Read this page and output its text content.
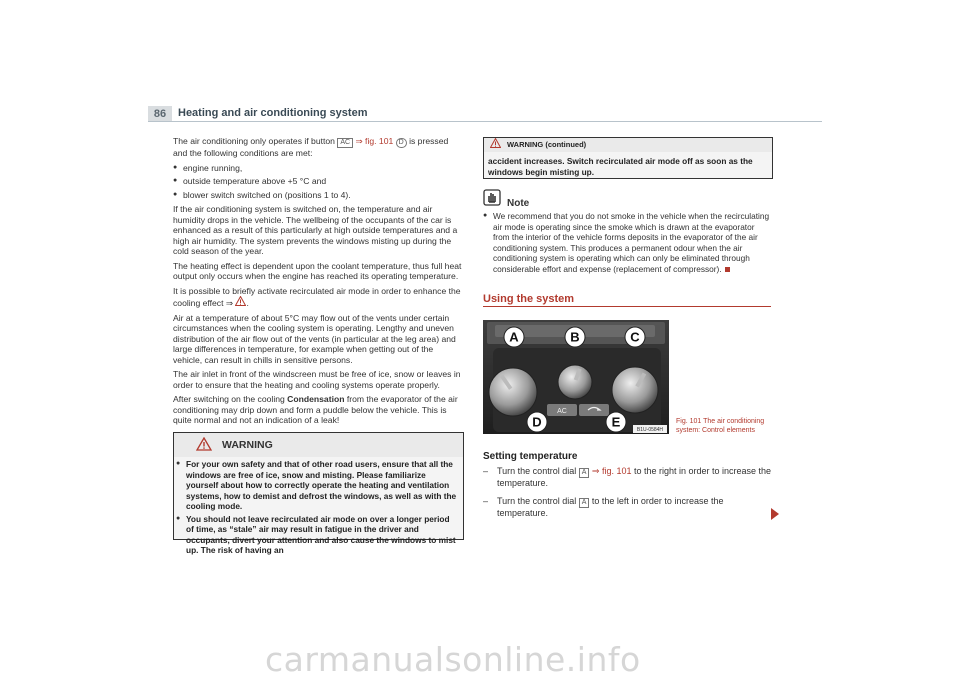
86	Heating and air conditioning system

The air conditioning only operates if button AC ⇒ fig. 101 D is pressed and the following conditions are met:

● engine running,
● outside temperature above +5 °C and
● blower switch switched on (positions 1 to 4).

If the air conditioning system is switched on, the temperature and air humidity drops in the vehicle. The wellbeing of the occupants of the car is enhanced as a result of this particularly at high outside temperatures and a high air humidity. The system prevents the windows misting up during the cold season of the year.

The heating effect is dependent upon the coolant temperature, thus full heat output only occurs when the engine has reached its operating temperature.

It is possible to briefly activate recirculated air mode in order to enhance the cooling effect ⇒ .

Air at a temperature of about 5°C may flow out of the vents under certain circumstances when the cooling system is operating. Lengthy and uneven distribution of the air flow out of the vents (in particular at the leg area) and large differences in temperature, for example when getting out of the vehicle, can result in chills in sensitive persons.

The air inlet in front of the windscreen must be free of ice, snow or leaves in order to ensure that the heating and cooling systems operate properly.

After switching on the cooling Condensation from the evaporator of the air conditioning may drip down and form a puddle below the vehicle. This is quite normal and not an indication of a leak!

WARNING
● For your own safety and that of other road users, ensure that all the windows are free of ice, snow and misting. Please familiarize yourself about how to correctly operate the heating and ventilation systems, how to demist and defrost the windows, as well as with the cooling mode.
● You should not leave recirculated air mode on over a longer period of time, as “stale” air may result in fatigue in the driver and occupants, divert your attention and also cause the windows to mist up. The risk of having an
WARNING (continued)
accident increases. Switch recirculated air mode off as soon as the windows begin misting up.
Note
● We recommend that you do not smoke in the vehicle when the recirculating air mode is operating since the smoke which is drawn at the evaporator from the interior of the vehicle forms deposits in the evaporator of the air conditioning system. This produces a permanent odour when the air conditioning system is operating which can only be eliminated through considerable effort and expense (replacement of compressor).
Using the system
AC
A	B	C
D	E
B1U-0584H
Fig. 101 The air conditioning system: Control elements
Setting temperature
– Turn the control dial A ⇒ fig. 101 to the right in order to increase the temperature.
– Turn the control dial A to the left in order to increase the temperature.
carmanualsonline.info
